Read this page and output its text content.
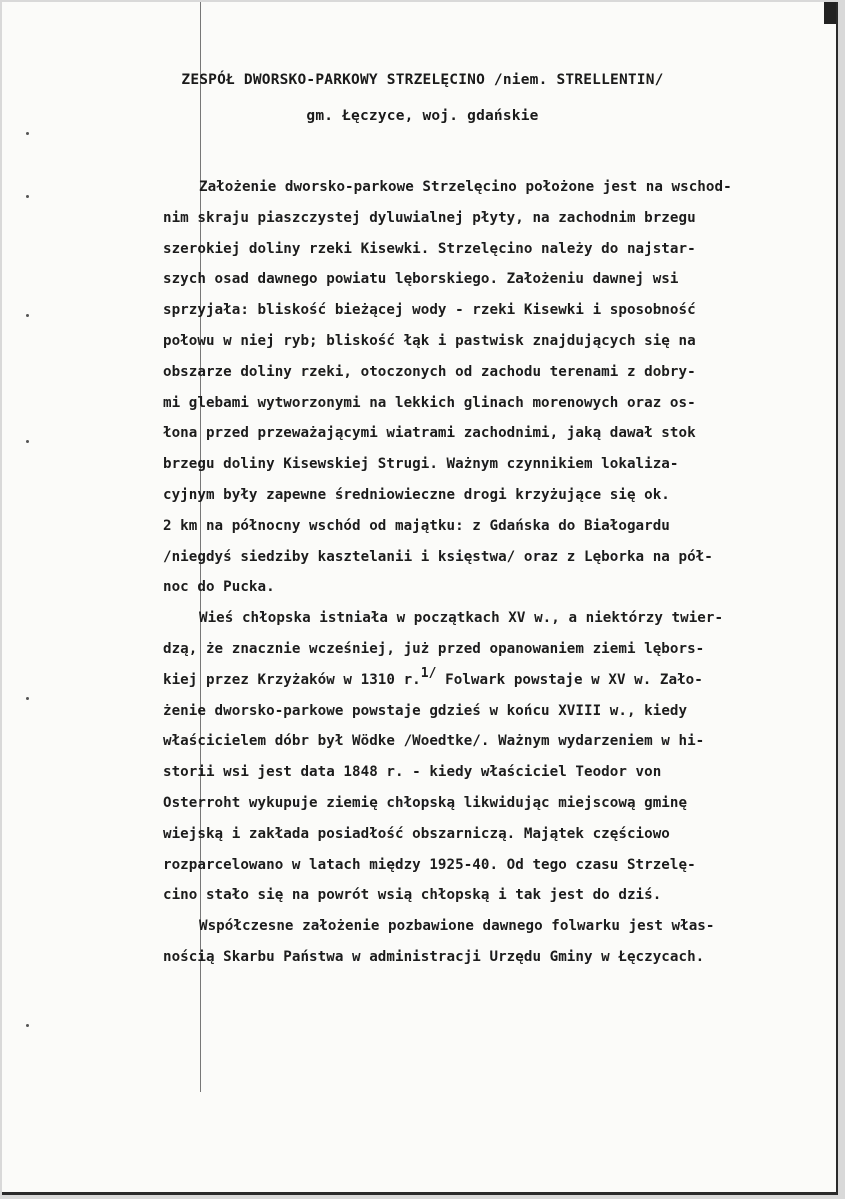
ZESPÓŁ DWORSKO-PARKOWY STRZELĘCINO /niem. STRELLENTIN/
gm. Łęczyce, woj. gdańskie
Założenie dworsko-parkowe Strzelęcino położone jest na wschod-
nim skraju piaszczystej dyluwialnej płyty, na zachodnim brzegu
szerokiej doliny rzeki Kisewki. Strzelęcino należy do najstar-
szych osad dawnego powiatu lęborskiego. Założeniu dawnej wsi
sprzyjała: bliskość bieżącej wody - rzeki Kisewki i sposobność
połowu w niej ryb; bliskość łąk i pastwisk znajdujących się na
obszarze doliny rzeki, otoczonych od zachodu terenami z dobry-
mi glebami wytworzonymi na lekkich glinach morenowych oraz os-
łona przed przeważającymi wiatrami zachodnimi, jaką dawał stok
brzegu doliny Kisewskiej Strugi. Ważnym czynnikiem lokaliza-
cyjnym były zapewne średniowieczne drogi krzyżujące się ok.
2 km na północny wschód od majątku: z Gdańska do Białogardu
/niegdyś siedziby kasztelanii i księstwa/ oraz z Lęborka na pół-
noc do Pucka.
Wieś chłopska istniała w początkach XV w., a niektórzy twier-
dzą, że znacznie wcześniej, już przed opanowaniem ziemi lębors-
kiej przez Krzyżaków w 1310 r.$^{1/}$ Folwark powstaje w XV w. Zało-
żenie dworsko-parkowe powstaje gdzieś w końcu XVIII w., kiedy
właścicielem dóbr był Wödke /Woedtke/. Ważnym wydarzeniem w hi-
storii wsi jest data 1848 r. - kiedy właściciel Teodor von
Osterroht wykupuje ziemię chłopską likwidując miejscową gminę
wiejską i zakłada posiadłość obszarniczą. Majątek częściowo
rozparcelowano w latach między 1925-40. Od tego czasu Strzelę-
cino stało się na powrót wsią chłopską i tak jest do dziś.
Współczesne założenie pozbawione dawnego folwarku jest włas-
nością Skarbu Państwa w administracji Urzędu Gminy w Łęczycach.
